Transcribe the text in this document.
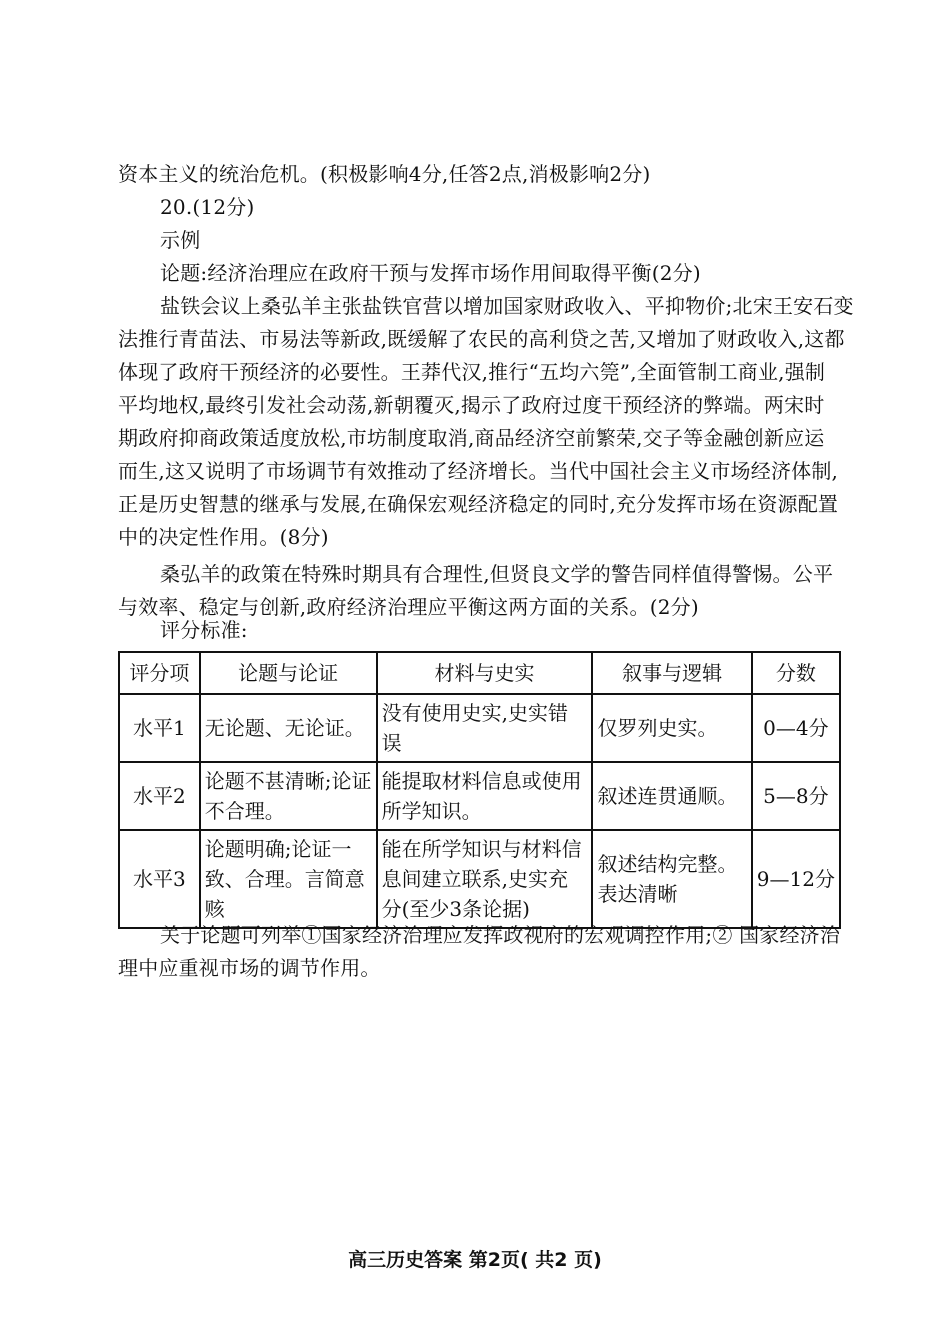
资本主义的统治危机。(积极影响4分,任答2点,消极影响2分)
20.(12分)
示例
论题:经济治理应在政府干预与发挥市场作用间取得平衡(2分)
盐铁会议上桑弘羊主张盐铁官营以增加国家财政收入、平抑物价;北宋王安石变
法推行青苗法、市易法等新政,既缓解了农民的高利贷之苦,又增加了财政收入,这都
体现了政府干预经济的必要性。王莽代汉,推行“五均六筦”,全面管制工商业,强制
平均地权,最终引发社会动荡,新朝覆灭,揭示了政府过度干预经济的弊端。两宋时
期政府抑商政策适度放松,市坊制度取消,商品经济空前繁荣,交子等金融创新应运
而生,这又说明了市场调节有效推动了经济增长。当代中国社会主义市场经济体制,
正是历史智慧的继承与发展,在确保宏观经济稳定的同时,充分发挥市场在资源配置
中的决定性作用。(8分)
桑弘羊的政策在特殊时期具有合理性,但贤良文学的警告同样值得警惕。公平
与效率、稳定与创新,政府经济治理应平衡这两方面的关系。(2分)
评分标准:
评分项	论题与论证	材料与史实	叙事与逻辑	分数
水平1	无论题、无论证。	没有使用史实,史实错误	仅罗列史实。	0—4分
水平2	论题不甚清晰;论证不合理。	能提取材料信息或使用所学知识。	叙述连贯通顺。	5—8分
水平3	论题明确;论证一致、合理。言简意赅	能在所学知识与材料信息间建立联系,史实充分(至少3条论据)	叙述结构完整。表达清晰	9—12分
关于论题可列举①国家经济治理应发挥政视府的宏观调控作用;② 国家经济治
理中应重视市场的调节作用。
高三历史答案 第2页( 共2 页)
